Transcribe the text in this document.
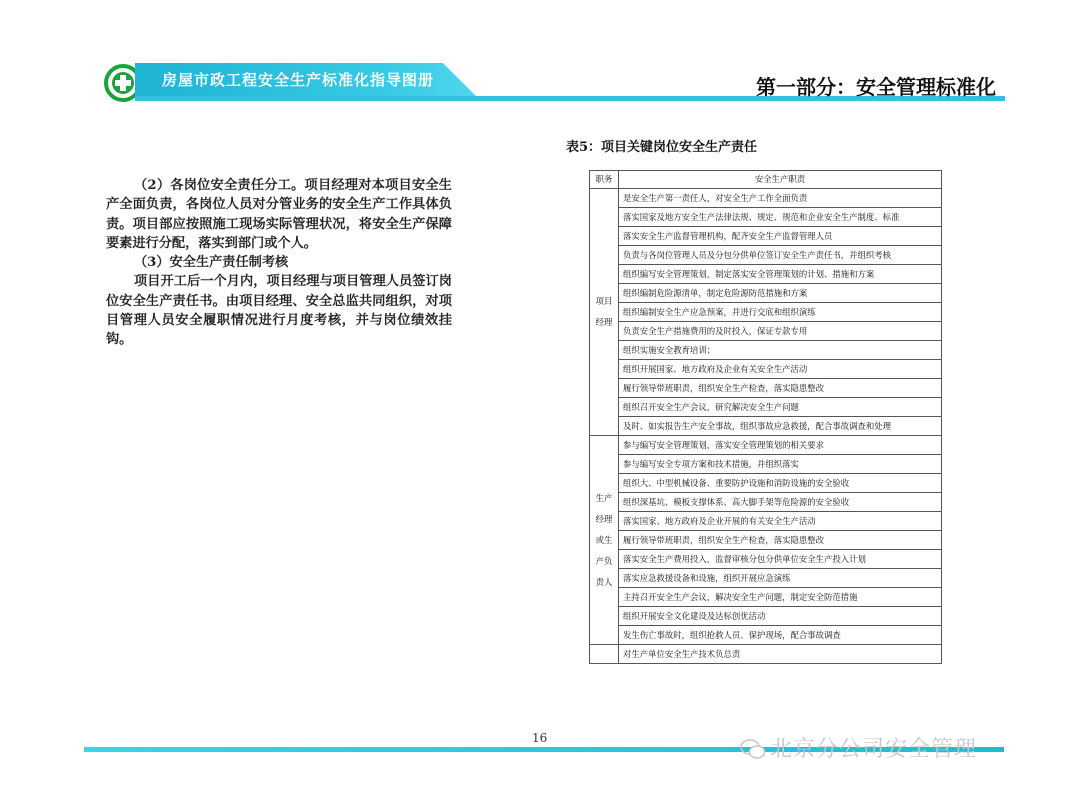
房屋市政工程安全生产标准化指导图册	第一部分：安全管理标准化

（2）各岗位安全责任分工。项目经理对本项目安全生产全面负责，各岗位人员对分管业务的安全生产工作具体负责。项目部应按照施工现场实际管理状况，将安全生产保障要素进行分配，落实到部门或个人。

（3）安全生产责任制考核

项目开工后一个月内，项目经理与项目管理人员签订岗位安全生产责任书。由项目经理、安全总监共同组织，对项目管理人员安全履职情况进行月度考核，并与岗位绩效挂钩。

表5：项目关键岗位安全生产责任
职务	安全生产职责
项目经理	是安全生产第一责任人，对安全生产工作全面负责
	落实国家及地方安全生产法律法规、规定、规范和企业安全生产制度、标准
	落实安全生产监督管理机构，配齐安全生产监督管理人员
	负责与各岗位管理人员及分包分供单位签订安全生产责任书，并组织考核
	组织编写安全管理策划，制定落实安全管理策划的计划、措施和方案
	组织编制危险源清单，制定危险源防范措施和方案
	组织编制安全生产应急预案，并进行交底和组织演练
	负责安全生产措施费用的及时投入，保证专款专用
	组织实施安全教育培训；
	组织开展国家、地方政府及企业有关安全生产活动
	履行领导带班职责，组织安全生产检查，落实隐患整改
	组织召开安全生产会议，研究解决安全生产问题
	及时、如实报告生产安全事故，组织事故应急救援，配合事故调查和处理
生产经理或生产负责人	参与编写安全管理策划，落实安全管理策划的相关要求
	参与编写安全专项方案和技术措施，并组织落实
	组织大、中型机械设备、重要防护设施和消防设施的安全验收
	组织深基坑、模板支撑体系、高大脚手架等危险源的安全验收
	落实国家、地方政府及企业开展的有关安全生产活动
	履行领导带班职责，组织安全生产检查，落实隐患整改
	落实安全生产费用投入，监督审核分包分供单位安全生产投入计划
	落实应急救援设备和设施，组织开展应急演练
	主持召开安全生产会议，解决安全生产问题，制定安全防范措施
	组织开展安全文化建设及达标创优活动
	发生伤亡事故时，组织抢救人员、保护现场，配合事故调查
	对生产单位安全生产技术负总责
16	北京分公司安全管理
